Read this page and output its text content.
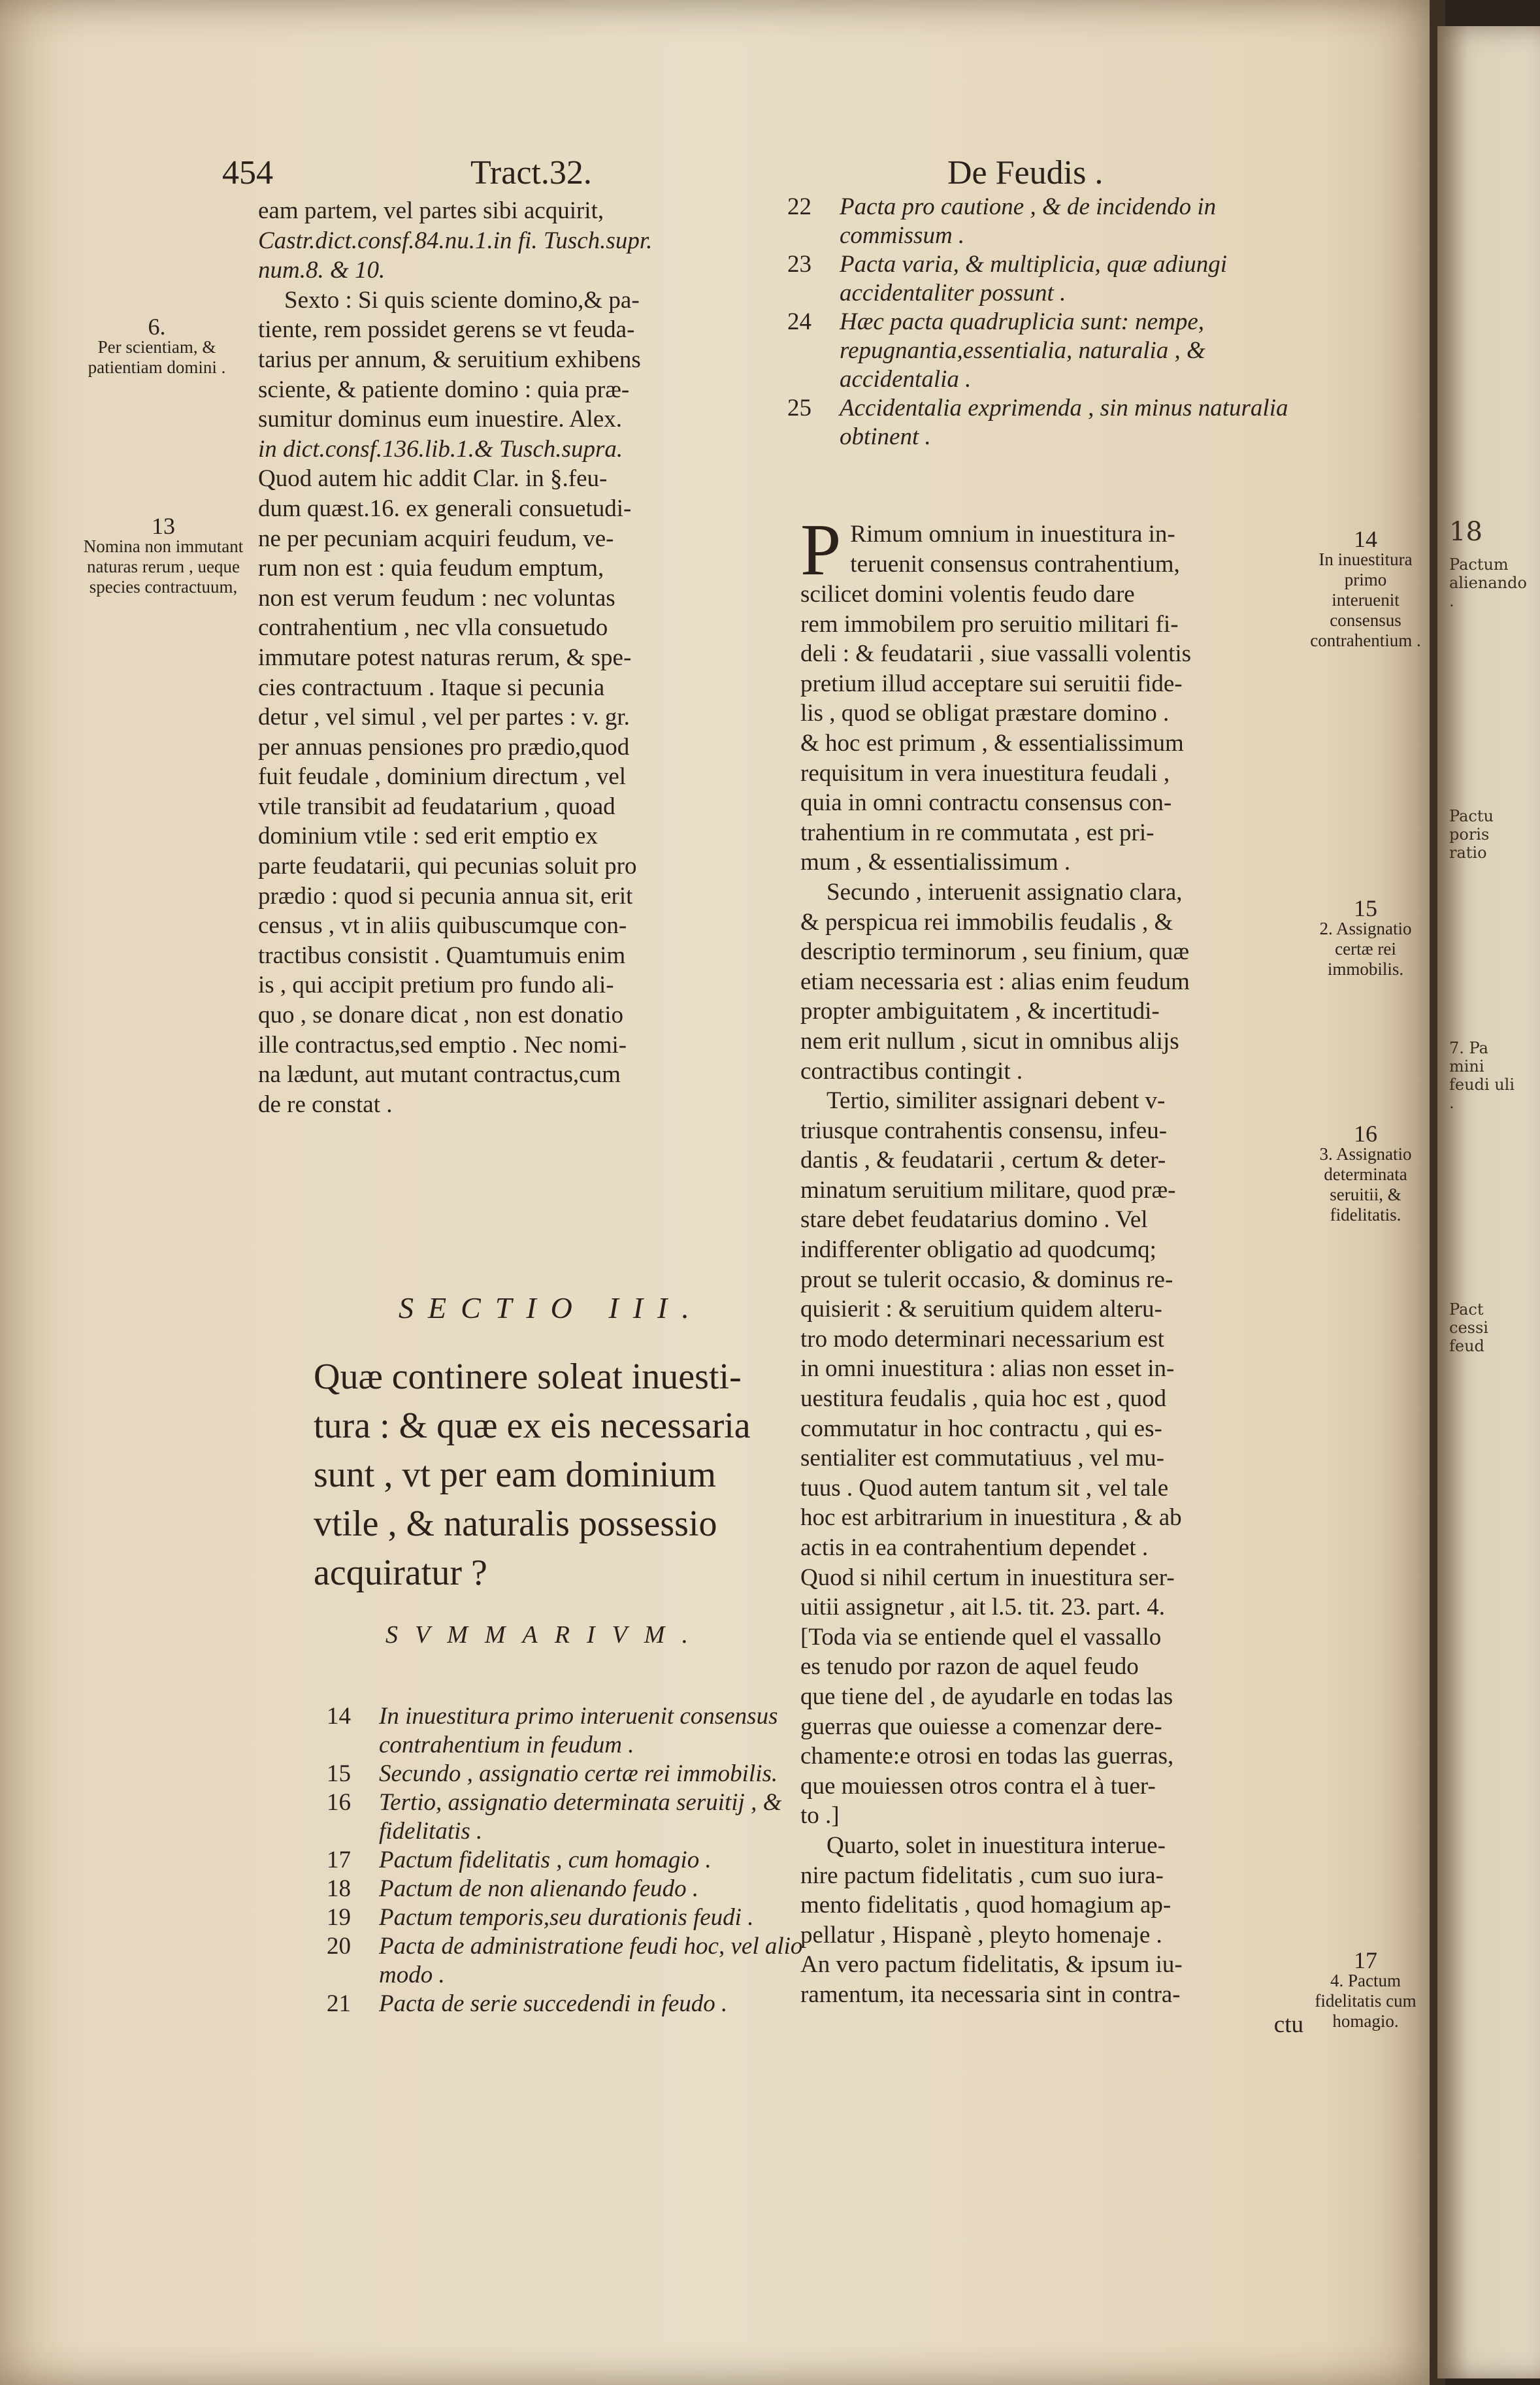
18
Pactum alienando .
Pactu poris ratio
7. Pa mini feudi uli .
Pact cessi feud
454	Tract.32.	De Feudis .
6.
Per scientiam, & patientiam domini .
13
Nomina non immutant naturas rerum , ueque species contractuum,
eam partem, vel partes sibi acquirit,
Castr.dict.consf.84.nu.1.in fi. Tusch.supr.
num.8. & 10.
Sexto : Si quis sciente domino,& pa-
tiente, rem possidet gerens se vt feuda-
tarius per annum, & seruitium exhibens
sciente, & patiente domino : quia præ-
sumitur dominus eum inuestire. Alex.
in dict.consf.136.lib.1.& Tusch.supra.
Quod autem hic addit Clar. in §.feu-
dum quæst.16. ex generali consuetudi-
ne per pecuniam acquiri feudum, ve-
rum non est : quia feudum emptum,
non est verum feudum : nec voluntas
contrahentium , nec vlla consuetudo
immutare potest naturas rerum, & spe-
cies contractuum . Itaque si pecunia
detur , vel simul , vel per partes : v. gr.
per annuas pensiones pro prædio,quod
fuit feudale , dominium directum , vel
vtile transibit ad feudatarium , quoad
dominium vtile : sed erit emptio ex
parte feudatarii, qui pecunias soluit pro
prædio : quod si pecunia annua sit, erit
census , vt in aliis quibuscumque con-
tractibus consistit . Quamtumuis enim
is , qui accipit pretium pro fundo ali-
quo , se donare dicat , non est donatio
ille contractus,sed emptio . Nec nomi-
na lædunt, aut mutant contractus,cum
de re constat .
SECTIO III.
Quæ continere soleat inuesti-
tura : & quæ ex eis necessaria
sunt , vt per eam dominium
vtile , & naturalis possessio
acquiratur ?
SVMMARIVM.
14 In inuestitura primo interuenit consensus contrahentium in feudum .
15 Secundo , assignatio certæ rei immobilis.
16 Tertio, assignatio determinata seruitij , & fidelitatis .
17 Pactum fidelitatis , cum homagio .
18 Pactum de non alienando feudo .
19 Pactum temporis,seu durationis feudi .
20 Pacta de administratione feudi hoc, vel alio modo .
21 Pacta de serie succedendi in feudo .
22 Pacta pro cautione , & de incidendo in commissum .
23 Pacta varia, & multiplicia, quæ adiungi accidentaliter possunt .
24 Hæc pacta quadruplicia sunt: nempe, repugnantia,essentialia, naturalia , & accidentalia .
25 Accidentalia exprimenda , sin minus naturalia obtinent .
P Rimum omnium in inuestitura in-
teruenit consensus contrahentium,
scilicet domini volentis feudo dare
rem immobilem pro seruitio militari fi-
deli : & feudatarii , siue vassalli volentis
pretium illud acceptare sui seruitii fide-
lis , quod se obligat præstare domino .
& hoc est primum , & essentialissimum
requisitum in vera inuestitura feudali ,
quia in omni contractu consensus con-
trahentium in re commutata , est pri-
mum , & essentialissimum .
Secundo , interuenit assignatio clara,
& perspicua rei immobilis feudalis , &
descriptio terminorum , seu finium, quæ
etiam necessaria est : alias enim feudum
propter ambiguitatem , & incertitudi-
nem erit nullum , sicut in omnibus alijs
contractibus contingit .
Tertio, similiter assignari debent v-
triusque contrahentis consensu, infeu-
dantis , & feudatarii , certum & deter-
minatum seruitium militare, quod præ-
stare debet feudatarius domino . Vel
indifferenter obligatio ad quodcumq;
prout se tulerit occasio, & dominus re-
quisierit : & seruitium quidem alteru-
tro modo determinari necessarium est
in omni inuestitura : alias non esset in-
uestitura feudalis , quia hoc est , quod
commutatur in hoc contractu , qui es-
sentialiter est commutatiuus , vel mu-
tuus . Quod autem tantum sit , vel tale
hoc est arbitrarium in inuestitura , & ab
actis in ea contrahentium dependet .
Quod si nihil certum in inuestitura ser-
uitii assignetur , ait l.5. tit. 23. part. 4.
[Toda via se entiende quel el vassallo
es tenudo por razon de aquel feudo
que tiene del , de ayudarle en todas las
guerras que ouiesse a comenzar dere-
chamente:e otrosi en todas las guerras,
que mouiessen otros contra el à tuer-
to .]
Quarto, solet in inuestitura interue-
nire pactum fidelitatis , cum suo iura-
mento fidelitatis , quod homagium ap-
pellatur , Hispanè , pleyto homenaje .
An vero pactum fidelitatis, & ipsum iu-
ramentum, ita necessaria sint in contra-
ctu
14
In inuestitura primo interuenit consensus contrahentium .
15
2. Assignatio certæ rei immobilis.
16
3. Assignatio determinata seruitii, & fidelitatis.
17
4. Pactum fidelitatis cum homagio.
